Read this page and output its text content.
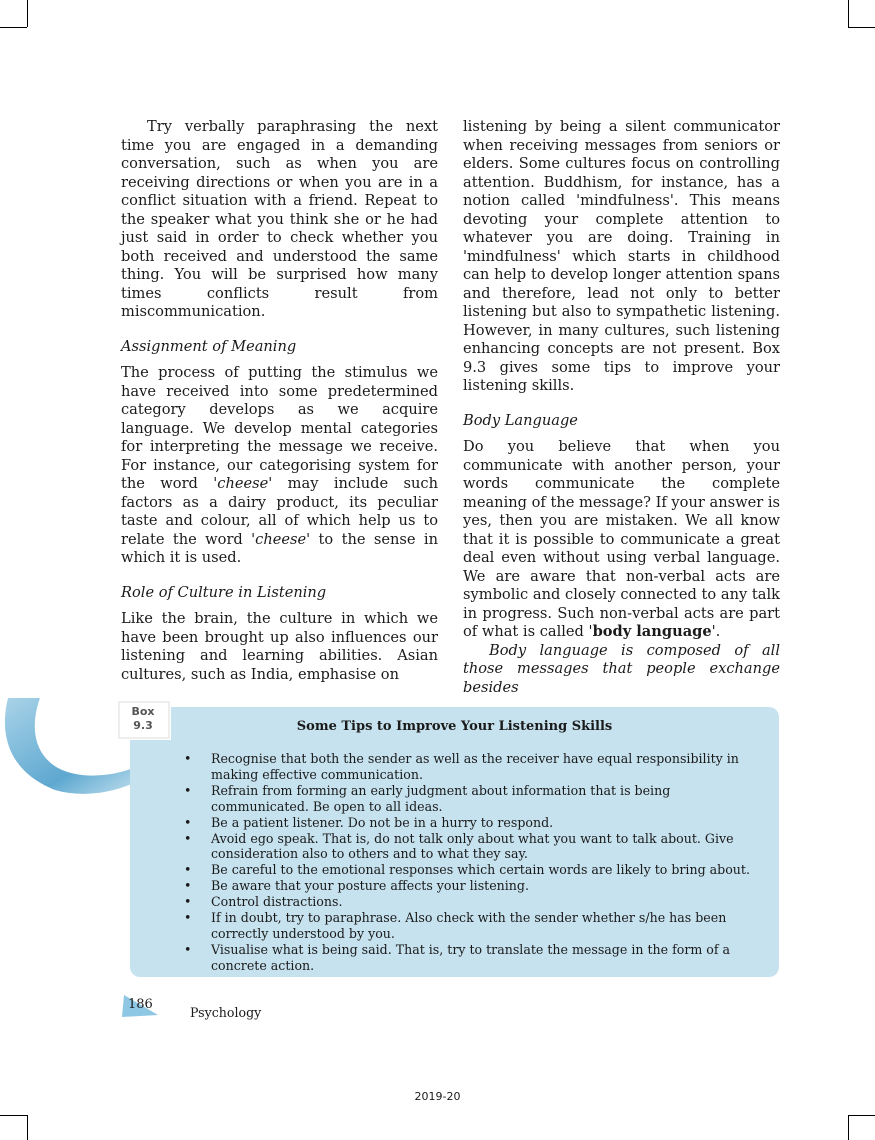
Try verbally paraphrasing the next time you are engaged in a demanding conversation, such as when you are receiving directions or when you are in a conflict situation with a friend. Repeat to the speaker what you think she or he had just said in order to check whether you both received and understood the same thing. You will be surprised how many times conflicts result from miscommunication.

Assignment of Meaning

The process of putting the stimulus we have received into some predetermined category develops as we acquire language. We develop mental categories for interpreting the message we receive. For instance, our categorising system for the word 'cheese' may include such factors as a dairy product, its peculiar taste and colour, all of which help us to relate the word 'cheese' to the sense in which it is used.

Role of Culture in Listening

Like the brain, the culture in which we have been brought up also influences our listening and learning abilities. Asian cultures, such as India, emphasise on

listening by being a silent communicator when receiving messages from seniors or elders. Some cultures focus on controlling attention. Buddhism, for instance, has a notion called 'mindfulness'. This means devoting your complete attention to whatever you are doing. Training in 'mindfulness' which starts in childhood can help to develop longer attention spans and therefore, lead not only to better listening but also to sympathetic listening. However, in many cultures, such listening enhancing concepts are not present. Box 9.3 gives some tips to improve your listening skills.

Body Language

Do you believe that when you communicate with another person, your words communicate the complete meaning of the message? If your answer is yes, then you are mistaken. We all know that it is possible to communicate a great deal even without using verbal language. We are aware that non-verbal acts are symbolic and closely connected to any talk in progress. Such non-verbal acts are part of what is called 'body language'.

Body language is composed of all those messages that people exchange besides

Some Tips to Improve Your Listening Skills
• Recognise that both the sender as well as the receiver have equal responsibility in making effective communication.
• Refrain from forming an early judgment about information that is being communicated. Be open to all ideas.
• Be a patient listener. Do not be in a hurry to respond.
• Avoid ego speak. That is, do not talk only about what you want to talk about. Give consideration also to others and to what they say.
• Be careful to the emotional responses which certain words are likely to bring about.
• Be aware that your posture affects your listening.
• Control distractions.
• If in doubt, try to paraphrase. Also check with the sender whether s/he has been correctly understood by you.
• Visualise what is being said. That is, try to translate the message in the form of a concrete action.
Box
9.3
186
Psychology
2019-20
